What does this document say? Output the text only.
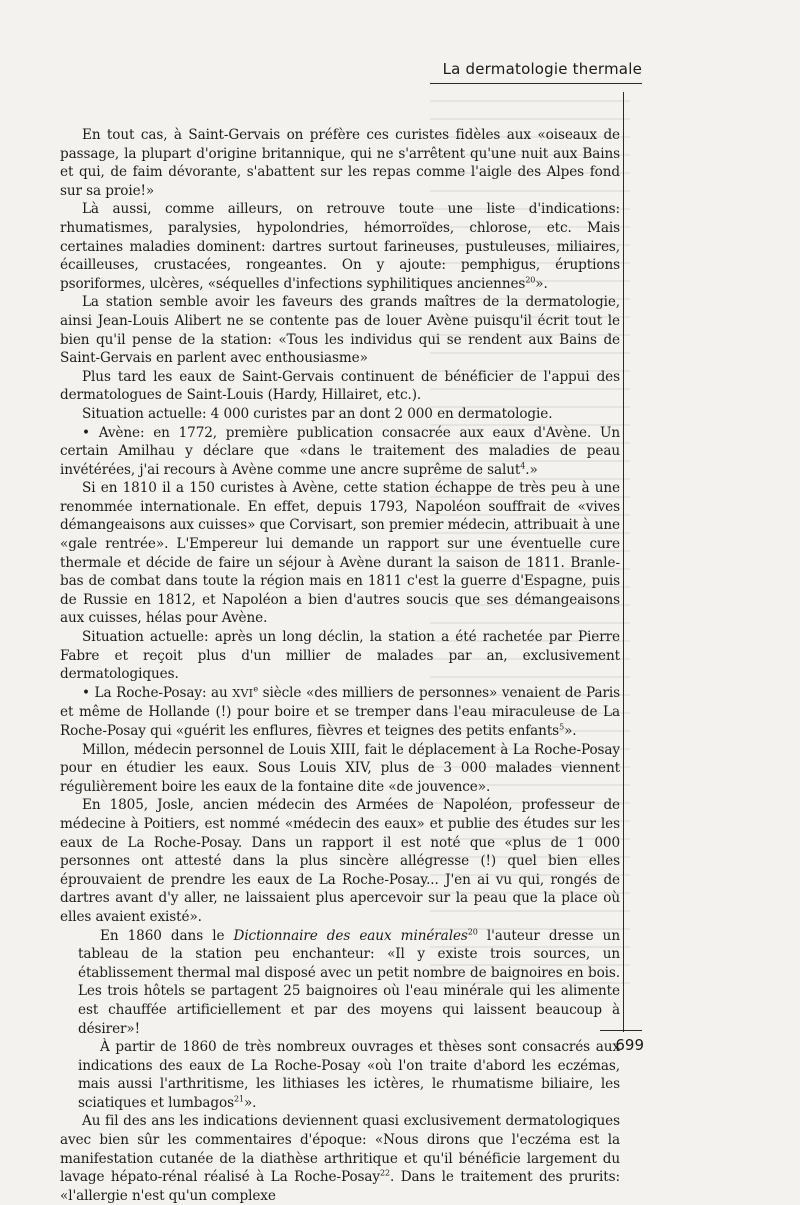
La dermatologie thermale

En tout cas, à Saint-Gervais on préfère ces curistes fidèles aux «oiseaux de passage, la plupart d'origine britannique, qui ne s'arrêtent qu'une nuit aux Bains et qui, de faim dévorante, s'abattent sur les repas comme l'aigle des Alpes fond sur sa proie!»

Là aussi, comme ailleurs, on retrouve toute une liste d'indications: rhumatismes, paralysies, hypolondries, hémorroïdes, chlorose, etc. Mais certaines maladies dominent: dartres surtout farineuses, pustuleuses, miliaires, écailleuses, crustacées, rongeantes. On y ajoute: pemphigus, éruptions psoriformes, ulcères, «séquelles d'infections syphilitiques anciennes$^{20}$».

La station semble avoir les faveurs des grands maîtres de la dermatologie, ainsi Jean-Louis Alibert ne se contente pas de louer Avène puisqu'il écrit tout le bien qu'il pense de la station: «Tous les individus qui se rendent aux Bains de Saint-Gervais en parlent avec enthousiasme»

Plus tard les eaux de Saint-Gervais continuent de bénéficier de l'appui des dermatologues de Saint-Louis (Hardy, Hillairet, etc.).

Situation actuelle: 4 000 curistes par an dont 2 000 en dermatologie.

• Avène: en 1772, première publication consacrée aux eaux d'Avène. Un certain Amilhau y déclare que «dans le traitement des maladies de peau invétérées, j'ai recours à Avène comme une ancre suprême de salut$^4$.»

Si en 1810 il a 150 curistes à Avène, cette station échappe de très peu à une renommée internationale. En effet, depuis 1793, Napoléon souffrait de «vives démangeaisons aux cuisses» que Corvisart, son premier médecin, attribuait à une «gale rentrée». L'Empereur lui demande un rapport sur une éventuelle cure thermale et décide de faire un séjour à Avène durant la saison de 1811. Branle-bas de combat dans toute la région mais en 1811 c'est la guerre d'Espagne, puis de Russie en 1812, et Napoléon a bien d'autres soucis que ses démangeaisons aux cuisses, hélas pour Avène.

Situation actuelle: après un long déclin, la station a été rachetée par Pierre Fabre et reçoit plus d'un millier de malades par an, exclusivement dermatologiques.

• La Roche-Posay: au XVIe siècle «des milliers de personnes» venaient de Paris et même de Hollande (!) pour boire et se tremper dans l'eau miraculeuse de La Roche-Posay qui «guérit les enflures, fièvres et teignes des petits enfants$^5$».

Millon, médecin personnel de Louis XIII, fait le déplacement à La Roche-Posay pour en étudier les eaux. Sous Louis XIV, plus de 3 000 malades viennent régulièrement boire les eaux de la fontaine dite «de jouvence».

En 1805, Josle, ancien médecin des Armées de Napoléon, professeur de médecine à Poitiers, est nommé «médecin des eaux» et publie des études sur les eaux de La Roche-Posay. Dans un rapport il est noté que «plus de 1 000 personnes ont attesté dans la plus sincère allégresse (!) quel bien elles éprouvaient de prendre les eaux de La Roche-Posay... J'en ai vu qui, rongés de dartres avant d'y aller, ne laissaient plus apercevoir sur la peau que la place où elles avaient existé».

En 1860 dans le Dictionnaire des eaux minérales$^{20}$ l'auteur dresse un tableau de la station peu enchanteur: «Il y existe trois sources, un établissement thermal mal disposé avec un petit nombre de baignoires en bois. Les trois hôtels se partagent 25 baignoires où l'eau minérale qui les alimente est chauffée artificiellement et par des moyens qui laissent beaucoup à désirer»!

À partir de 1860 de très nombreux ouvrages et thèses sont consacrés aux indications des eaux de La Roche-Posay «où l'on traite d'abord les eczémas, mais aussi l'arthritisme, les lithiases les ictères, le rhumatisme biliaire, les sciatiques et lumbagos$^{21}$».

Au fil des ans les indications deviennent quasi exclusivement dermatologiques avec bien sûr les commentaires d'époque: «Nous dirons que l'eczéma est la manifestation cutanée de la diathèse arthritique et qu'il bénéficie largement du lavage hépato-rénal réalisé à La Roche-Posay$^{22}$. Dans le traitement des prurits: «l'allergie n'est qu'un complexe

699
